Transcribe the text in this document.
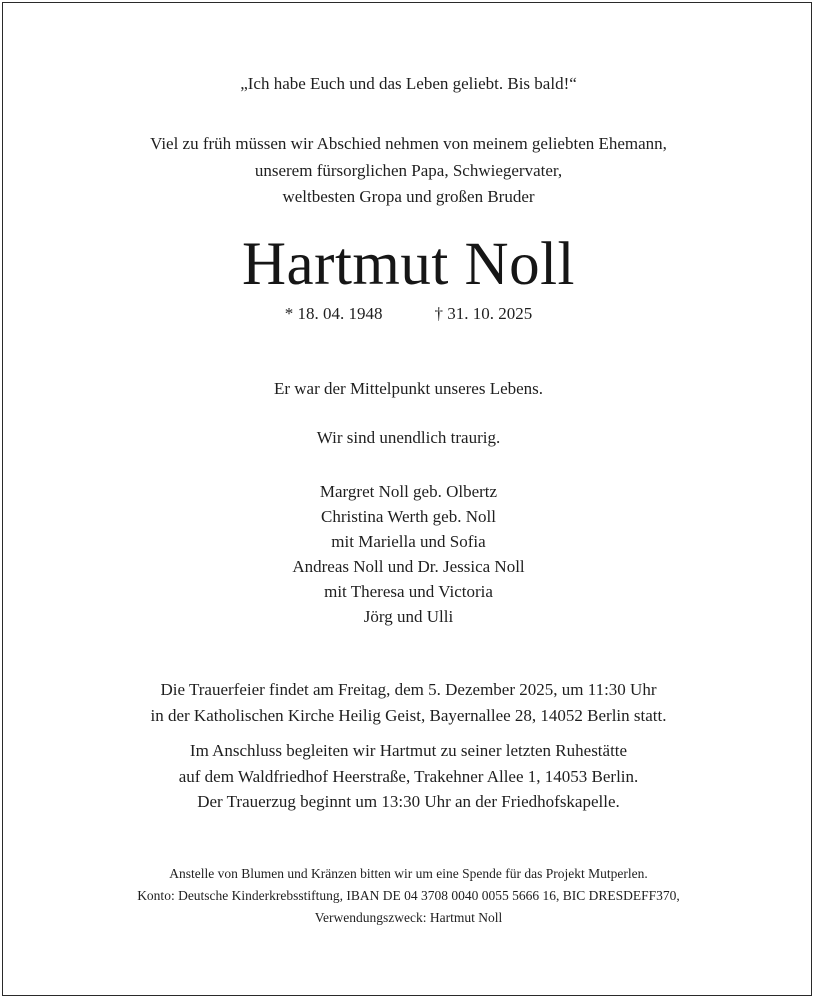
„Ich habe Euch und das Leben geliebt. Bis bald!“
Viel zu früh müssen wir Abschied nehmen von meinem geliebten Ehemann,
unserem fürsorglichen Papa, Schwiegervater,
weltbesten Gropa und großen Bruder
Hartmut Noll
* 18. 04. 1948	† 31. 10. 2025
Er war der Mittelpunkt unseres Lebens.
Wir sind unendlich traurig.
Margret Noll geb. Olbertz
Christina Werth geb. Noll
mit Mariella und Sofia
Andreas Noll und Dr. Jessica Noll
mit Theresa und Victoria
Jörg und Ulli
Die Trauerfeier findet am Freitag, dem 5. Dezember 2025, um 11:30 Uhr
in der Katholischen Kirche Heilig Geist, Bayernallee 28, 14052 Berlin statt.
Im Anschluss begleiten wir Hartmut zu seiner letzten Ruhestätte
auf dem Waldfriedhof Heerstraße, Trakehner Allee 1, 14053 Berlin.
Der Trauerzug beginnt um 13:30 Uhr an der Friedhofskapelle.
Anstelle von Blumen und Kränzen bitten wir um eine Spende für das Projekt Mutperlen.
Konto: Deutsche Kinderkrebsstiftung, IBAN DE 04 3708 0040 0055 5666 16, BIC DRESDEFF370,
Verwendungszweck: Hartmut Noll
